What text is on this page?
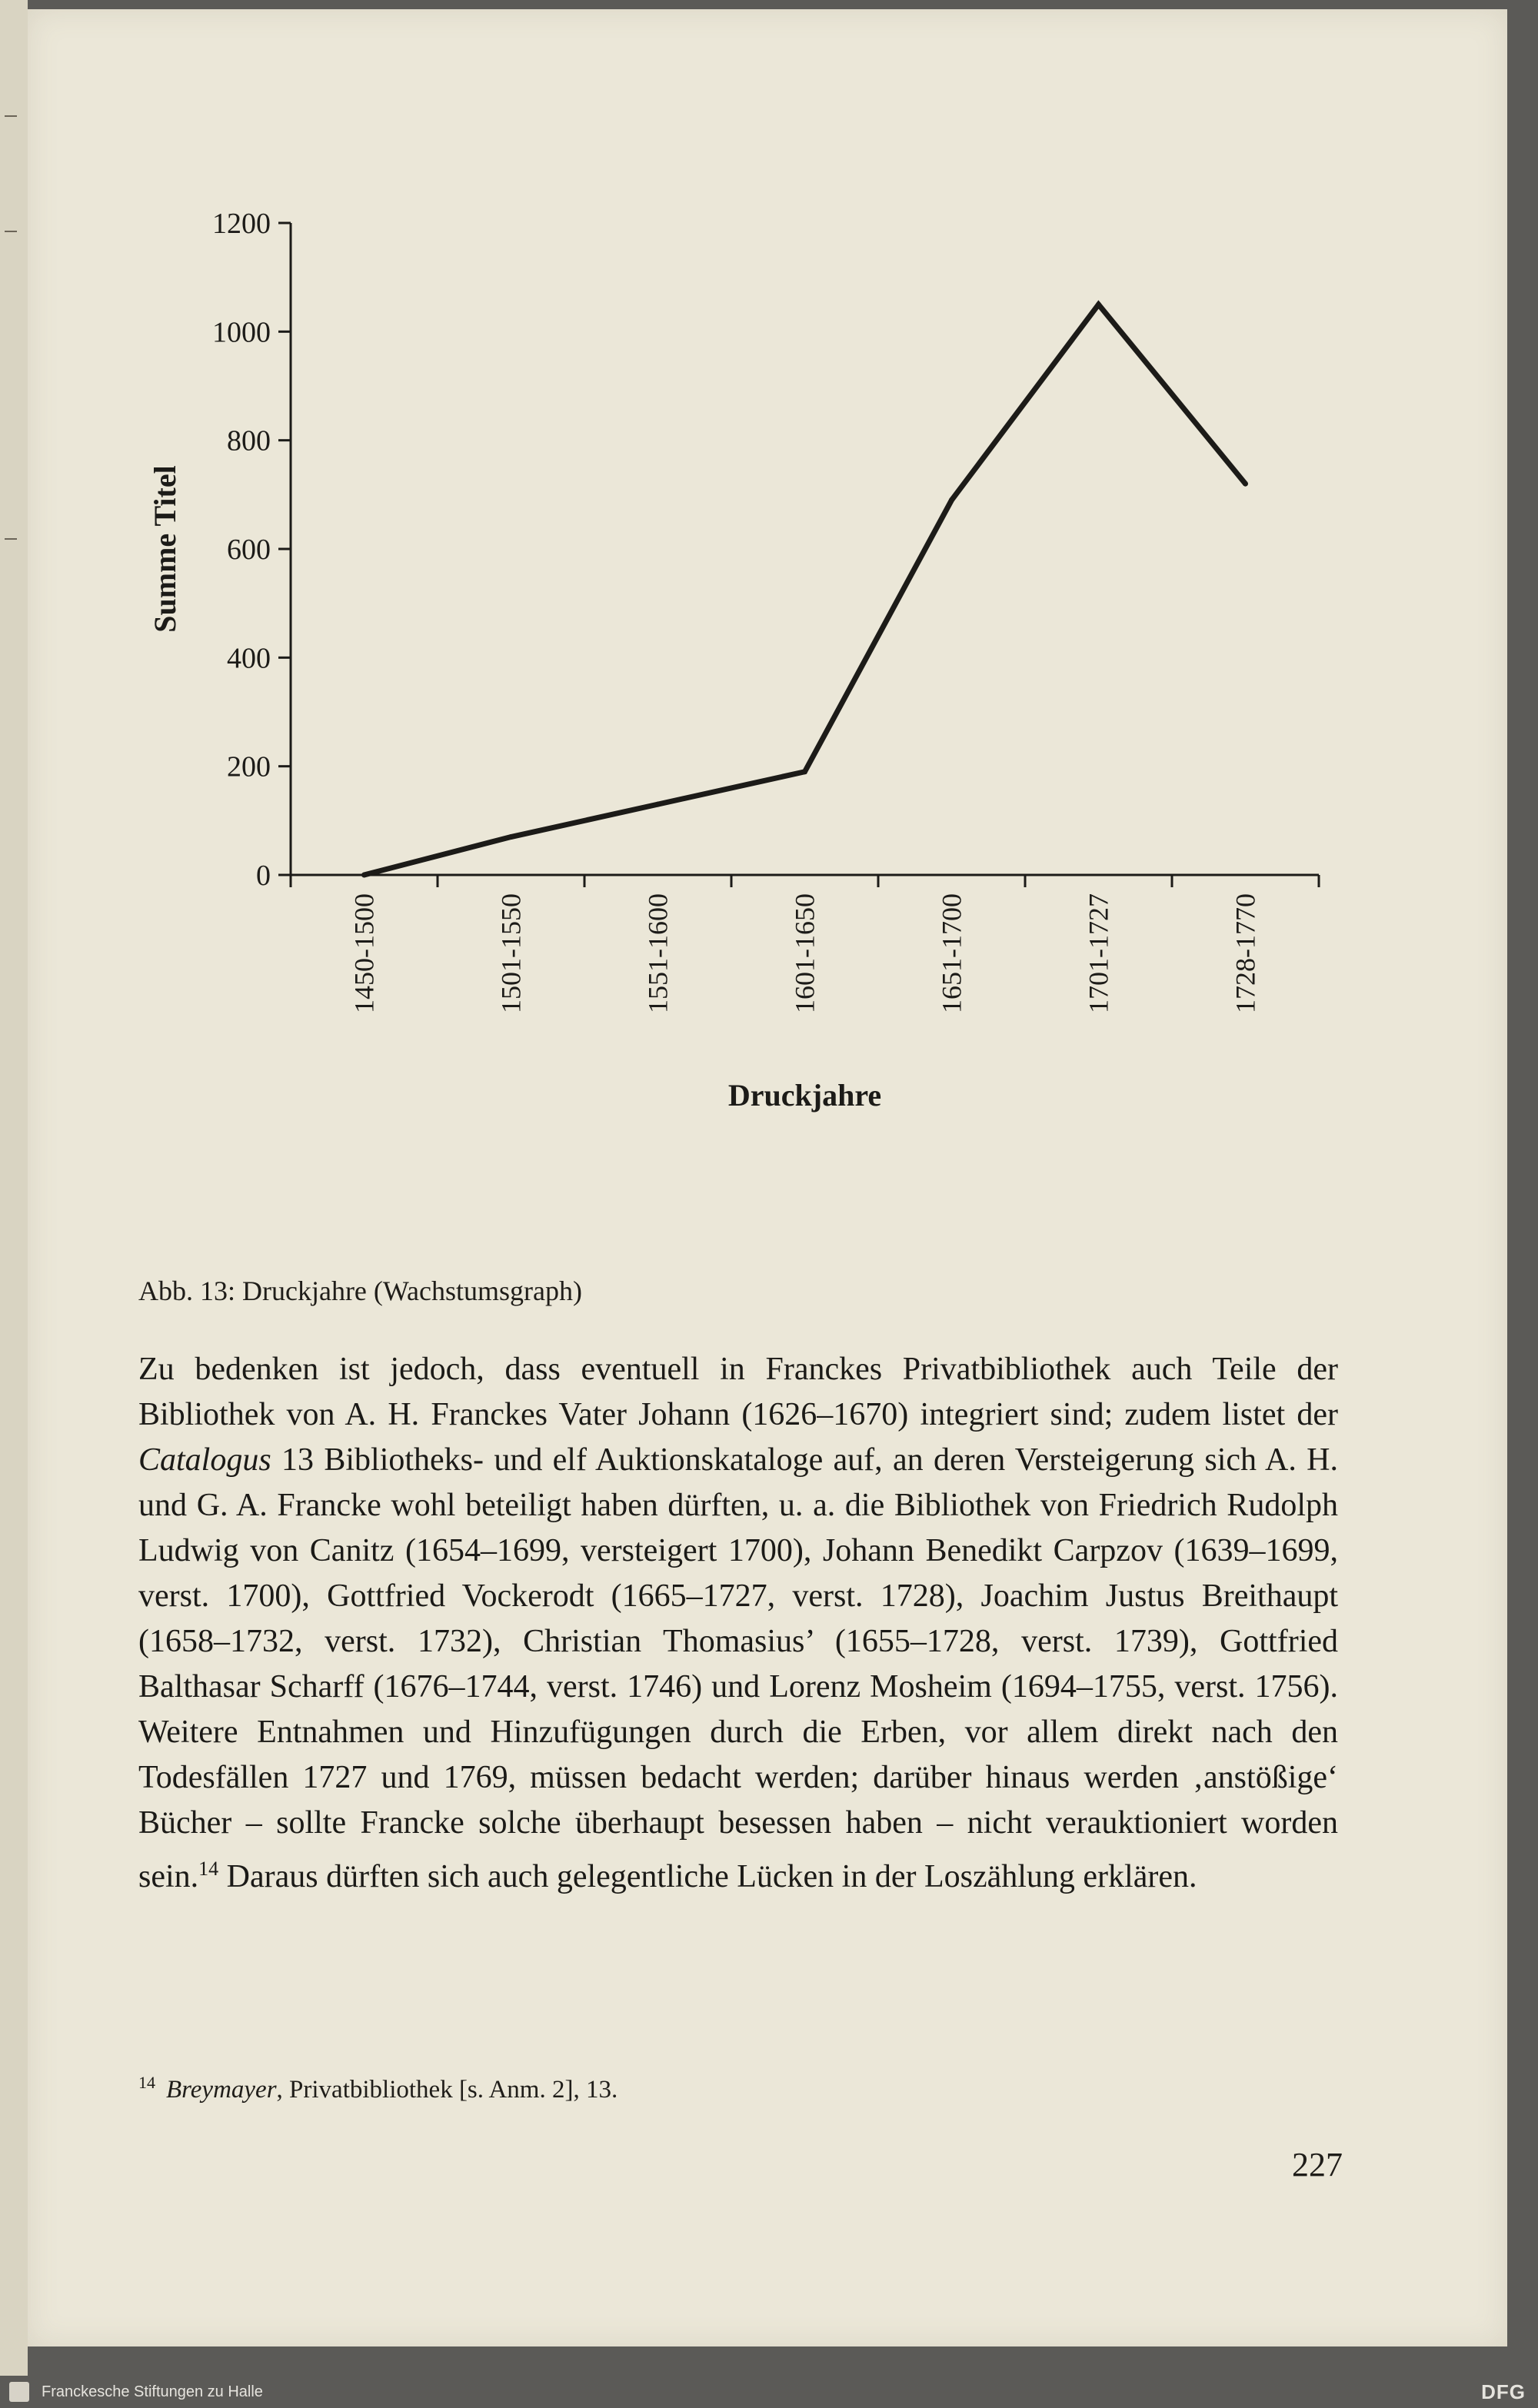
0
200
400
600
800
1000
1200
1450-1500	1501-1550	1551-1600	1601-1650	1651-1700	1701-1727	1728-1770
Summe Titel
Druckjahre
Abb. 13: Druckjahre (Wachstumsgraph)
Zu bedenken ist jedoch, dass eventuell in Franckes Privatbibliothek auch Teile der Bibliothek von A. H. Franckes Vater Johann (1626–1670) integriert sind; zudem listet der Catalogus 13 Bibliotheks- und elf Auktionskataloge auf, an deren Versteigerung sich A. H. und G. A. Francke wohl beteiligt haben dürften, u. a. die Bibliothek von Friedrich Rudolph Ludwig von Canitz (1654–1699, versteigert 1700), Johann Benedikt Carpzov (1639–1699, verst. 1700), Gottfried Vockerodt (1665–1727, verst. 1728), Joachim Justus Breithaupt (1658–1732, verst. 1732), Christian Thomasius’ (1655–1728, verst. 1739), Gottfried Balthasar Scharff (1676–1744, verst. 1746) und Lorenz Mosheim (1694–1755, verst. 1756). Weitere Entnahmen und Hinzufügungen durch die Erben, vor allem direkt nach den Todesfällen 1727 und 1769, müssen bedacht werden; darüber hinaus werden ‚anstößige‘ Bücher – sollte Francke solche überhaupt besessen haben – nicht verauktioniert worden sein.$^{14}$ Daraus dürften sich auch gelegentliche Lücken in der Loszählung erklären.
$^{14}$ Breymayer, Privatbibliothek [s. Anm. 2], 13.
227
Franckesche Stiftungen zu Halle	DFG
